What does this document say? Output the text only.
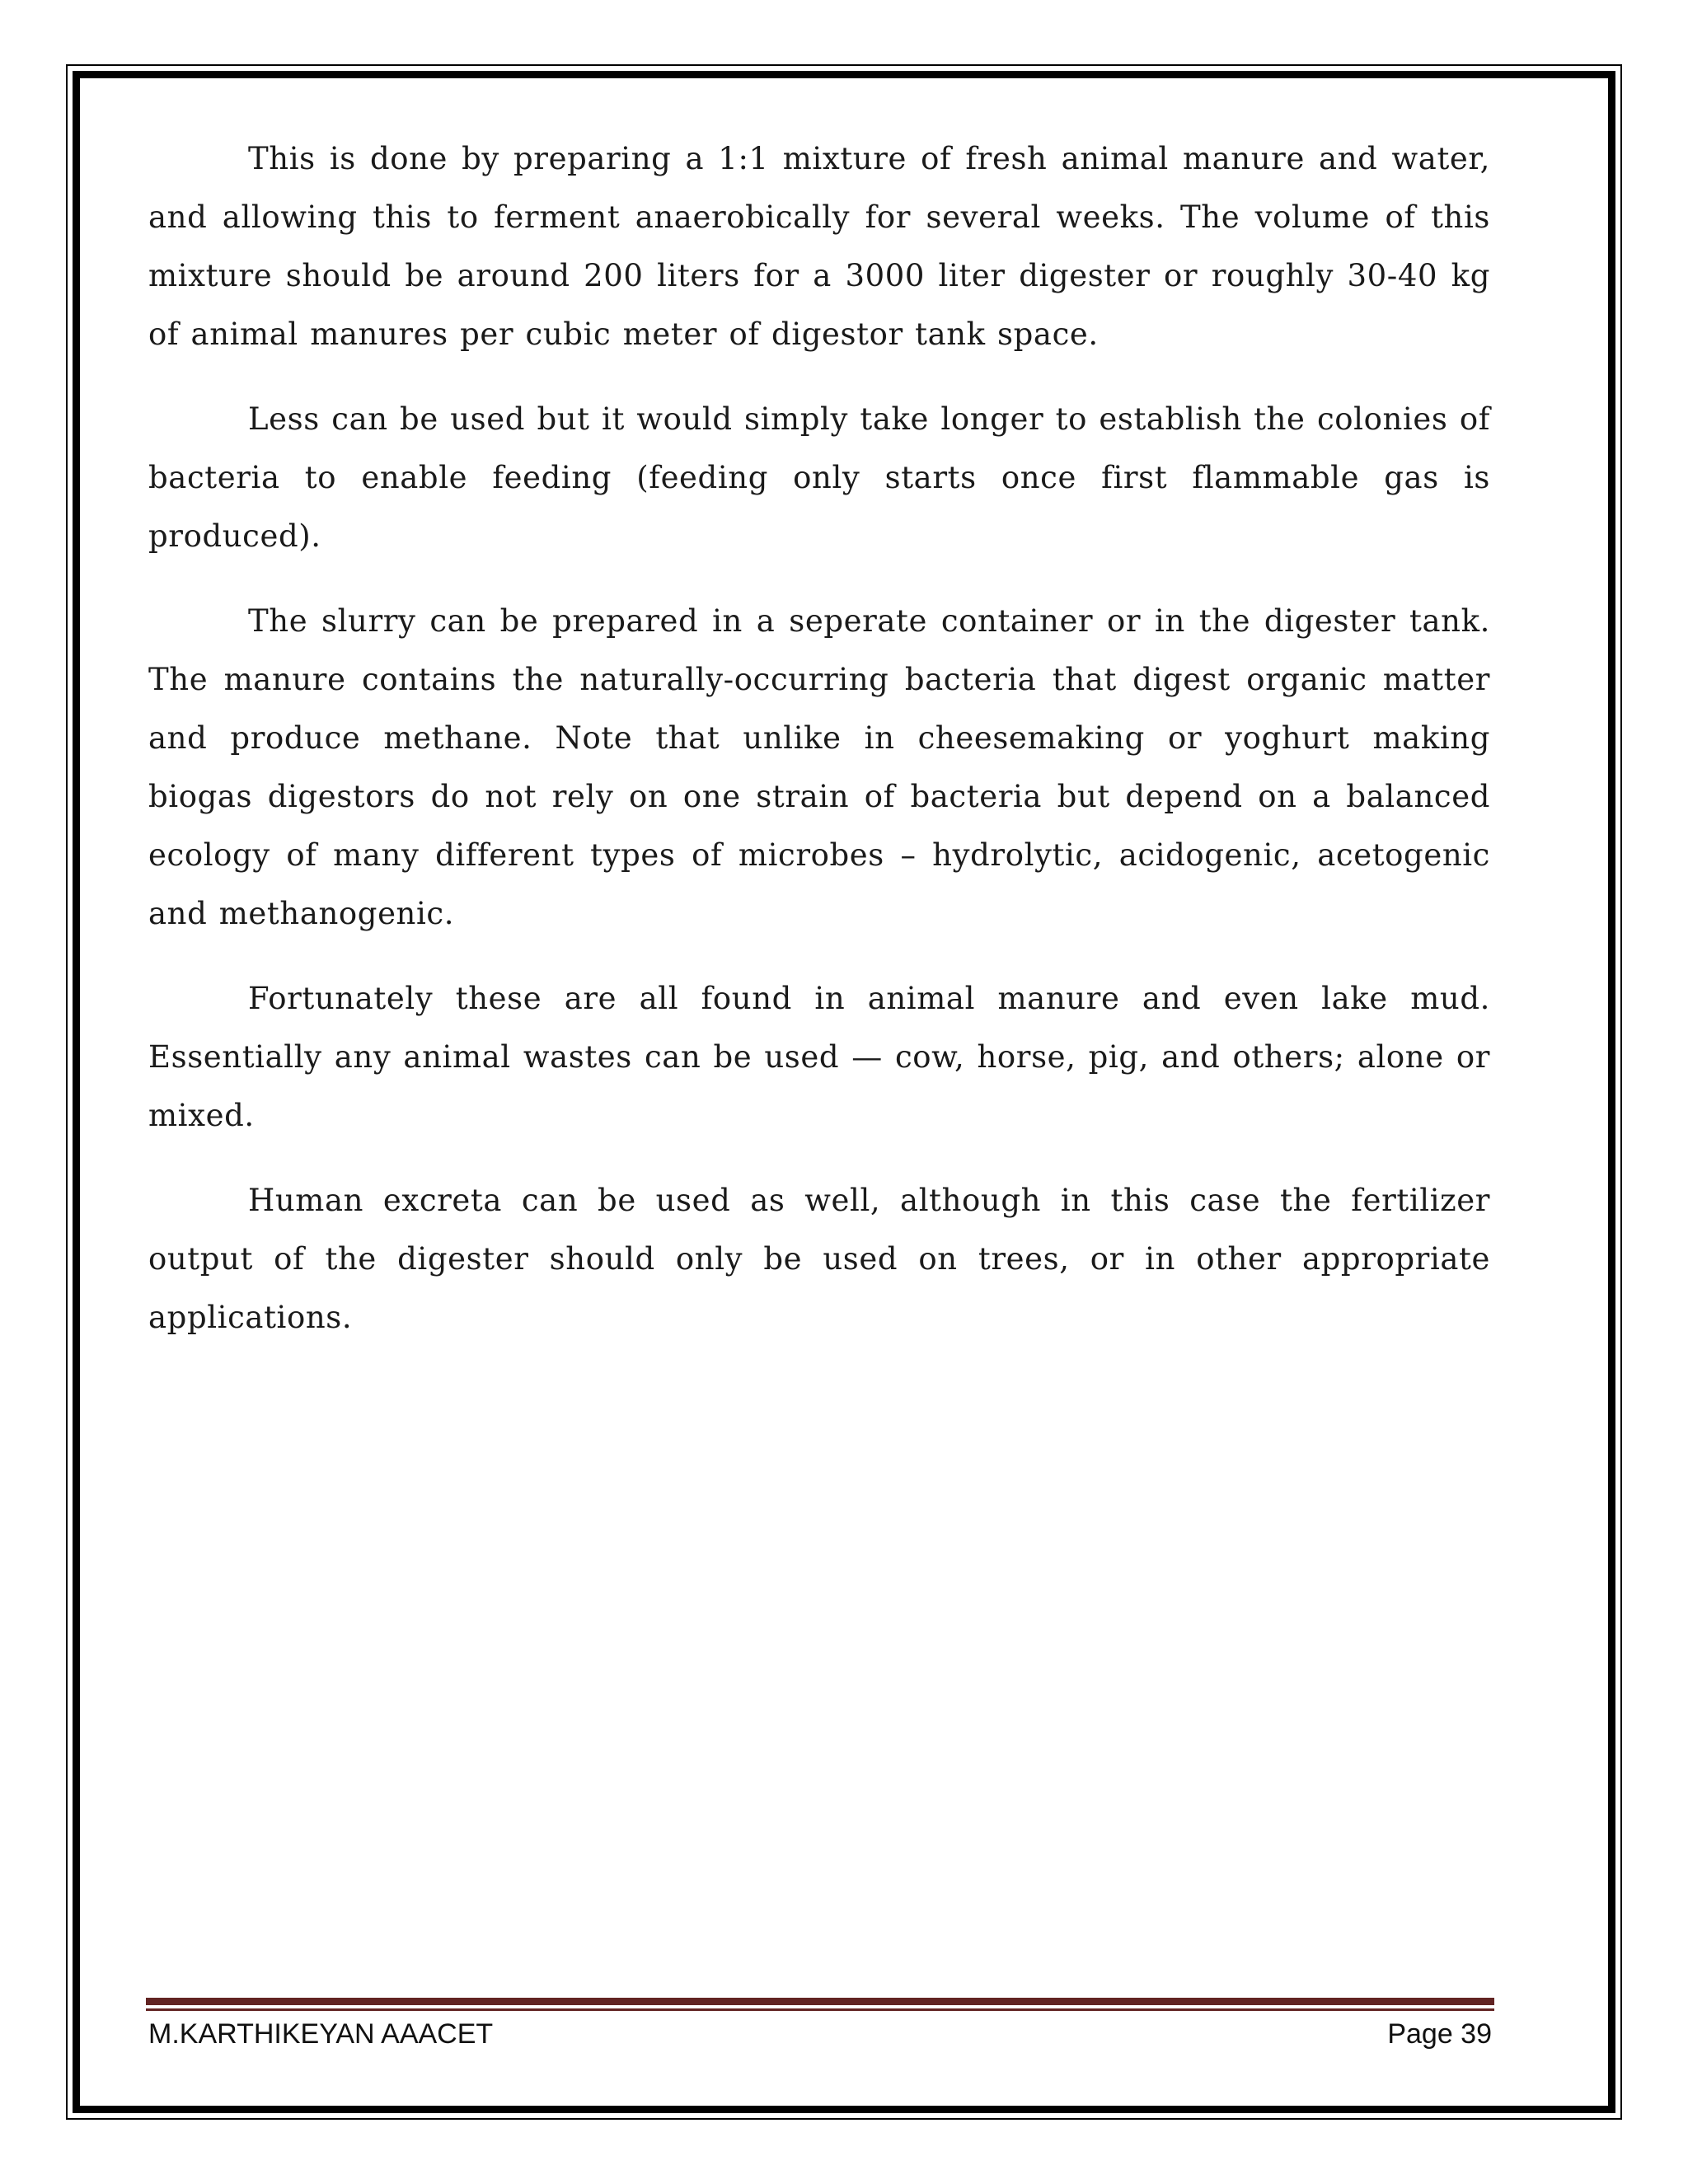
This is done by preparing a 1:1 mixture of fresh animal manure and water, and allowing this to ferment anaerobically for several weeks. The volume of this mixture should be around 200 liters for a 3000 liter digester or roughly 30-40 kg of animal manures per cubic meter of digestor tank space.

Less can be used but it would simply take longer to establish the colonies of bacteria to enable feeding (feeding only starts once first flammable gas is produced).

The slurry can be prepared in a seperate container or in the digester tank. The manure contains the naturally-occurring bacteria that digest organic matter and produce methane. Note that unlike in cheesemaking or yoghurt making biogas digestors do not rely on one strain of bacteria but depend on a balanced ecology of many different types of microbes – hydrolytic, acidogenic, acetogenic and methanogenic.

Fortunately these are all found in animal manure and even lake mud. Essentially any animal wastes can be used — cow, horse, pig, and others; alone or mixed.

Human excreta can be used as well, although in this case the fertilizer output of the digester should only be used on trees, or in other appropriate applications.

M.KARTHIKEYAN AAACET	Page 39
